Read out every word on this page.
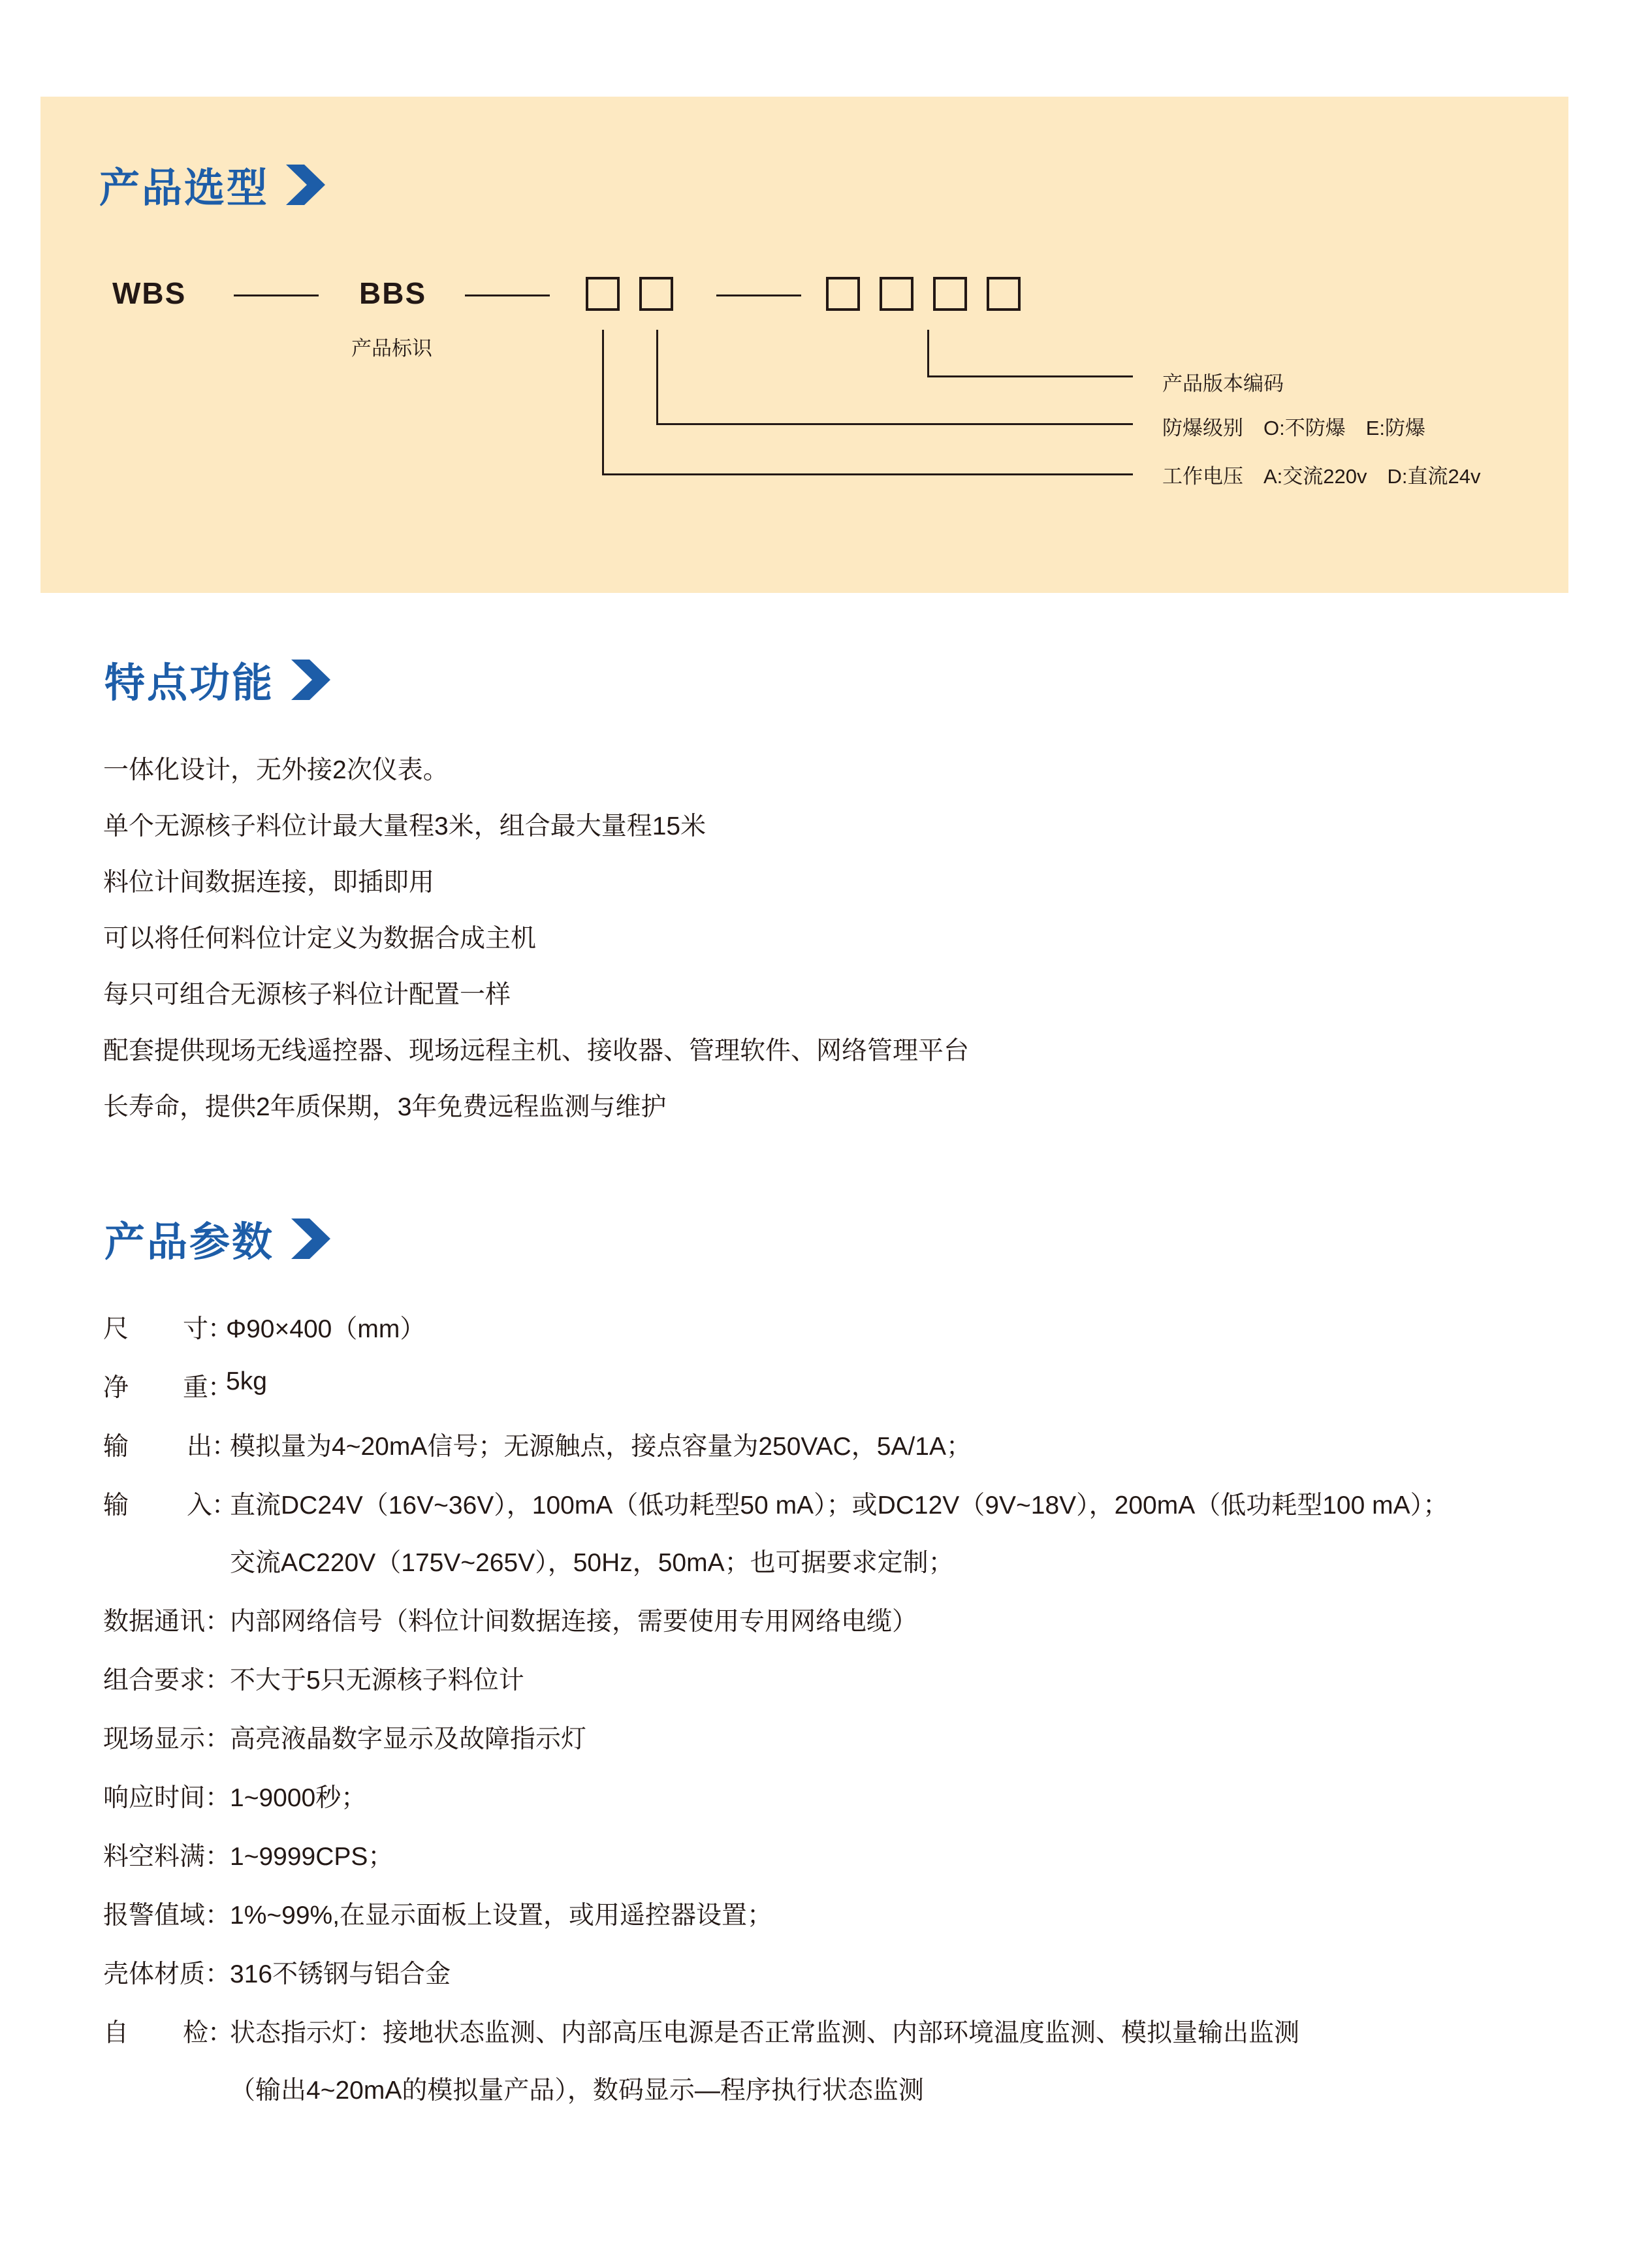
产品选型
WBS	BBS
产品标识
产品版本编码
防爆级别　O:不防爆　E:防爆
工作电压　A:交流220v　D:直流24v
特点功能
一体化设计，无外接2次仪表。
单个无源核子料位计最大量程3米，组合最大量程15米
料位计间数据连接，即插即用
可以将任何料位计定义为数据合成主机
每只可组合无源核子料位计配置一样
配套提供现场无线遥控器、现场远程主机、接收器、管理软件、网络管理平台
长寿命，提供2年质保期，3年免费远程监测与维护
产品参数
尺 寸
：
Φ90×400（mm）
净 重
：
5kg
输 出
：
模拟量为4~20mA信号；无源触点，接点容量为250VAC，5A/1A；
输 入
：
直流DC24V（16V~36V），100mA（低功耗型50 mA）；或DC12V（9V~18V），200mA（低功耗型100 mA）；
交流AC220V（175V~265V），50Hz，50mA；也可据要求定制；
数据通讯 ：
内部网络信号（料位计间数据连接，需要使用专用网络电缆）
组合要求 ：
不大于5只无源核子料位计
现场显示 ：
高亮液晶数字显示及故障指示灯
响应时间 ：
1~9000秒；
料空料满 ：
1~9999CPS；
报警值域 ：
1%~99%,在显示面板上设置，或用遥控器设置；
壳体材质 ：
316不锈钢与铝合金
自 检
：
状态指示灯：接地状态监测、内部高压电源是否正常监测、内部环境温度监测、模拟量输出监测
（输出4~20mA的模拟量产品），数码显示—程序执行状态监测
